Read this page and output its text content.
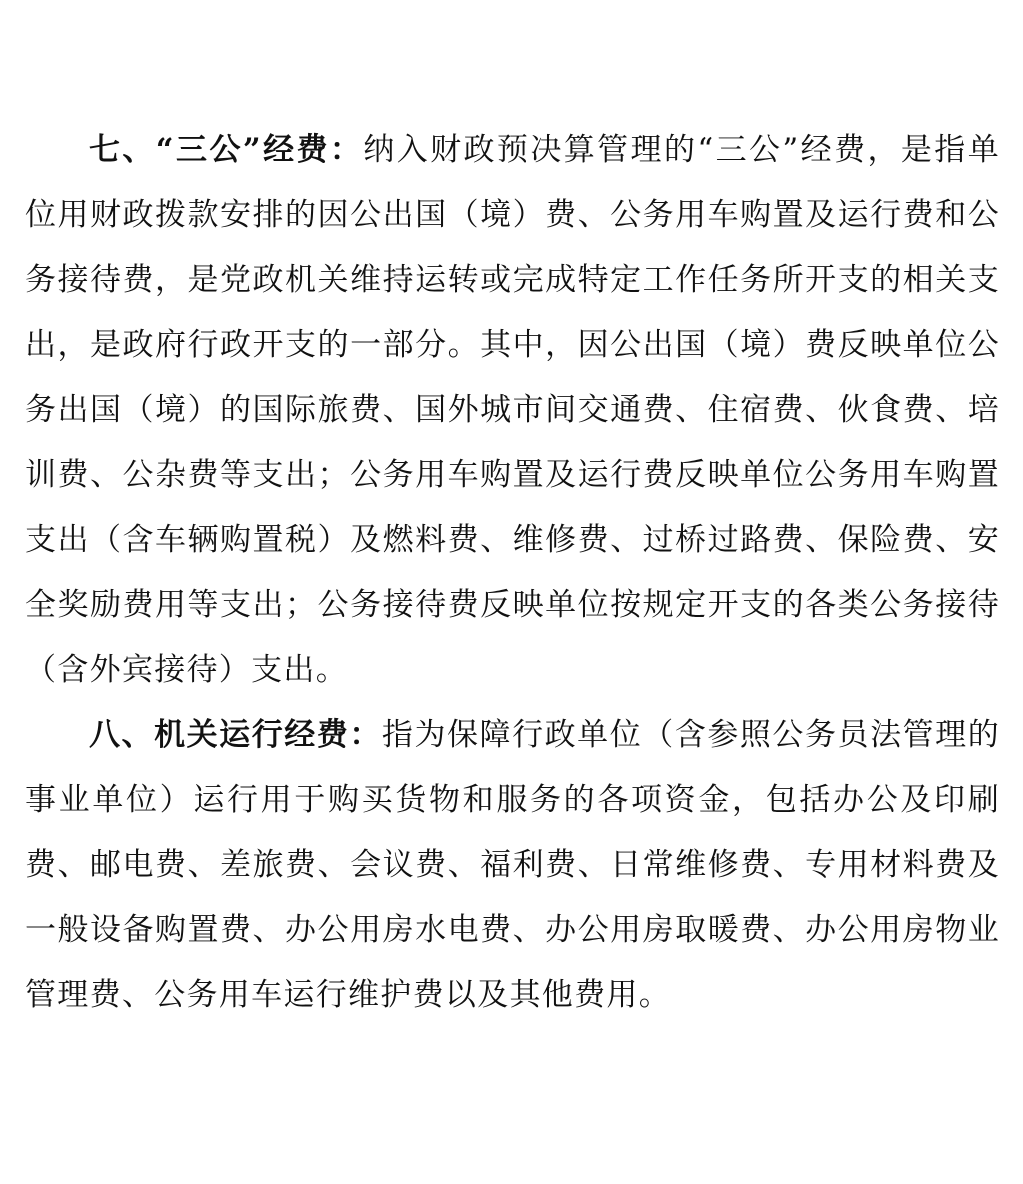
七、“三公”经费：纳入财政预决算管理的“三公”经费，是指单位用财政拨款安排的因公出国（境）费、公务用车购置及运行费和公务接待费，是党政机关维持运转或完成特定工作任务所开支的相关支出，是政府行政开支的一部分。其中，因公出国（境）费反映单位公务出国（境）的国际旅费、国外城市间交通费、住宿费、伙食费、培训费、公杂费等支出；公务用车购置及运行费反映单位公务用车购置支出（含车辆购置税）及燃料费、维修费、过桥过路费、保险费、安全奖励费用等支出；公务接待费反映单位按规定开支的各类公务接待（含外宾接待）支出。

八、机关运行经费：指为保障行政单位（含参照公务员法管理的事业单位）运行用于购买货物和服务的各项资金，包括办公及印刷费、邮电费、差旅费、会议费、福利费、日常维修费、专用材料费及一般设备购置费、办公用房水电费、办公用房取暖费、办公用房物业管理费、公务用车运行维护费以及其他费用。
